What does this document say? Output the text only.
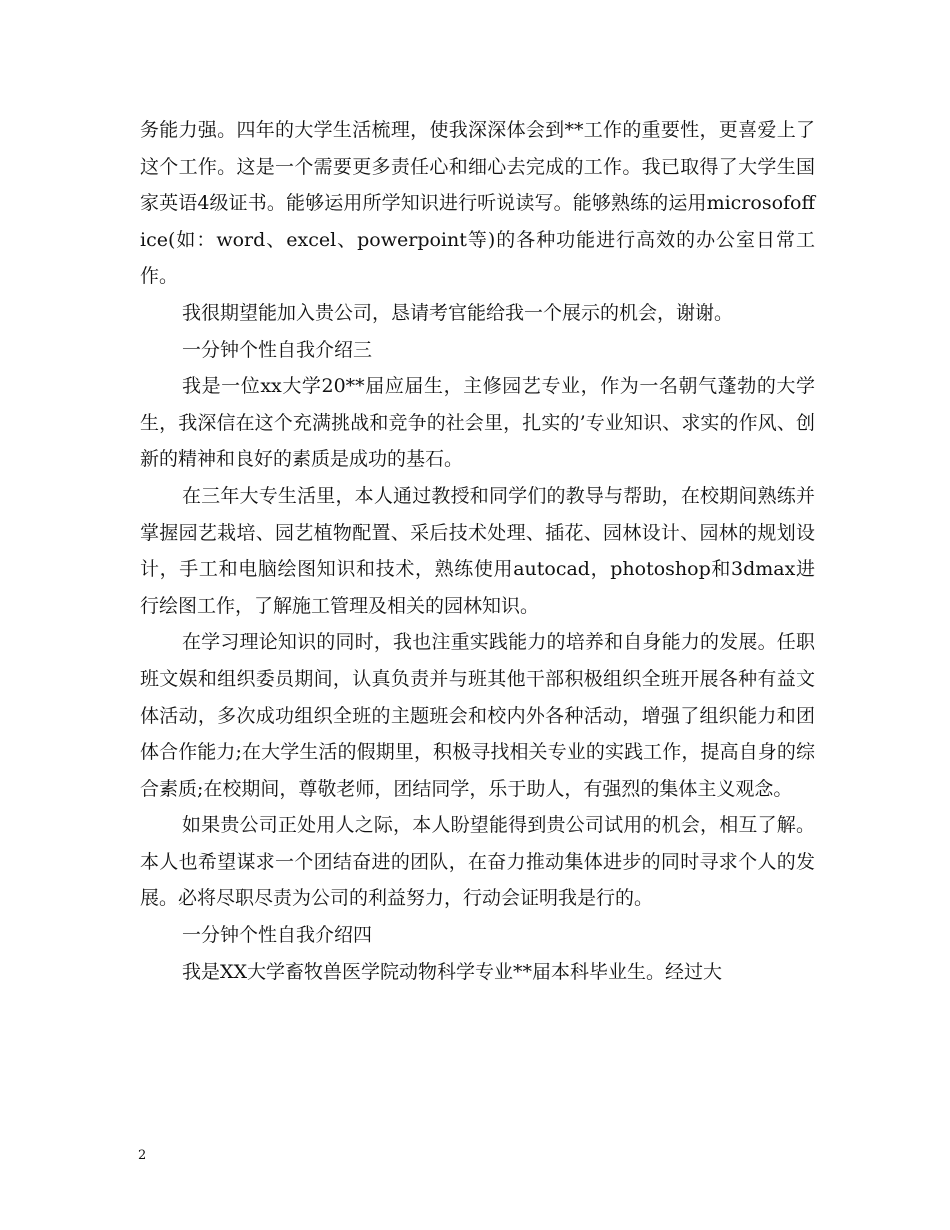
务能力强。四年的大学生活梳理，使我深深体会到**工作的重要性，更喜爱上了这个工作。这是一个需要更多责任心和细心去完成的工作。我已取得了大学生国家英语4级证书。能够运用所学知识进行听说读写。能够熟练的运用microsofoffice(如：word、excel、powerpoint等)的各种功能进行高效的办公室日常工作。

我很期望能加入贵公司，恳请考官能给我一个展示的机会，谢谢。

一分钟个性自我介绍三

我是一位xx大学20**届应届生，主修园艺专业，作为一名朝气蓬勃的大学生，我深信在这个充满挑战和竞争的社会里，扎实的’专业知识、求实的作风、创新的精神和良好的素质是成功的基石。

在三年大专生活里，本人通过教授和同学们的教导与帮助，在校期间熟练并掌握园艺栽培、园艺植物配置、采后技术处理、插花、园林设计、园林的规划设计，手工和电脑绘图知识和技术，熟练使用autocad，photoshop和3dmax进行绘图工作，了解施工管理及相关的园林知识。

在学习理论知识的同时，我也注重实践能力的培养和自身能力的发展。任职班文娱和组织委员期间，认真负责并与班其他干部积极组织全班开展各种有益文体活动，多次成功组织全班的主题班会和校内外各种活动，增强了组织能力和团体合作能力;在大学生活的假期里，积极寻找相关专业的实践工作，提高自身的综合素质;在校期间，尊敬老师，团结同学，乐于助人，有强烈的集体主义观念。

如果贵公司正处用人之际，本人盼望能得到贵公司试用的机会，相互了解。本人也希望谋求一个团结奋进的团队，在奋力推动集体进步的同时寻求个人的发展。必将尽职尽责为公司的利益努力，行动会证明我是行的。

一分钟个性自我介绍四

我是XX大学畜牧兽医学院动物科学专业**届本科毕业生。经过大

2
